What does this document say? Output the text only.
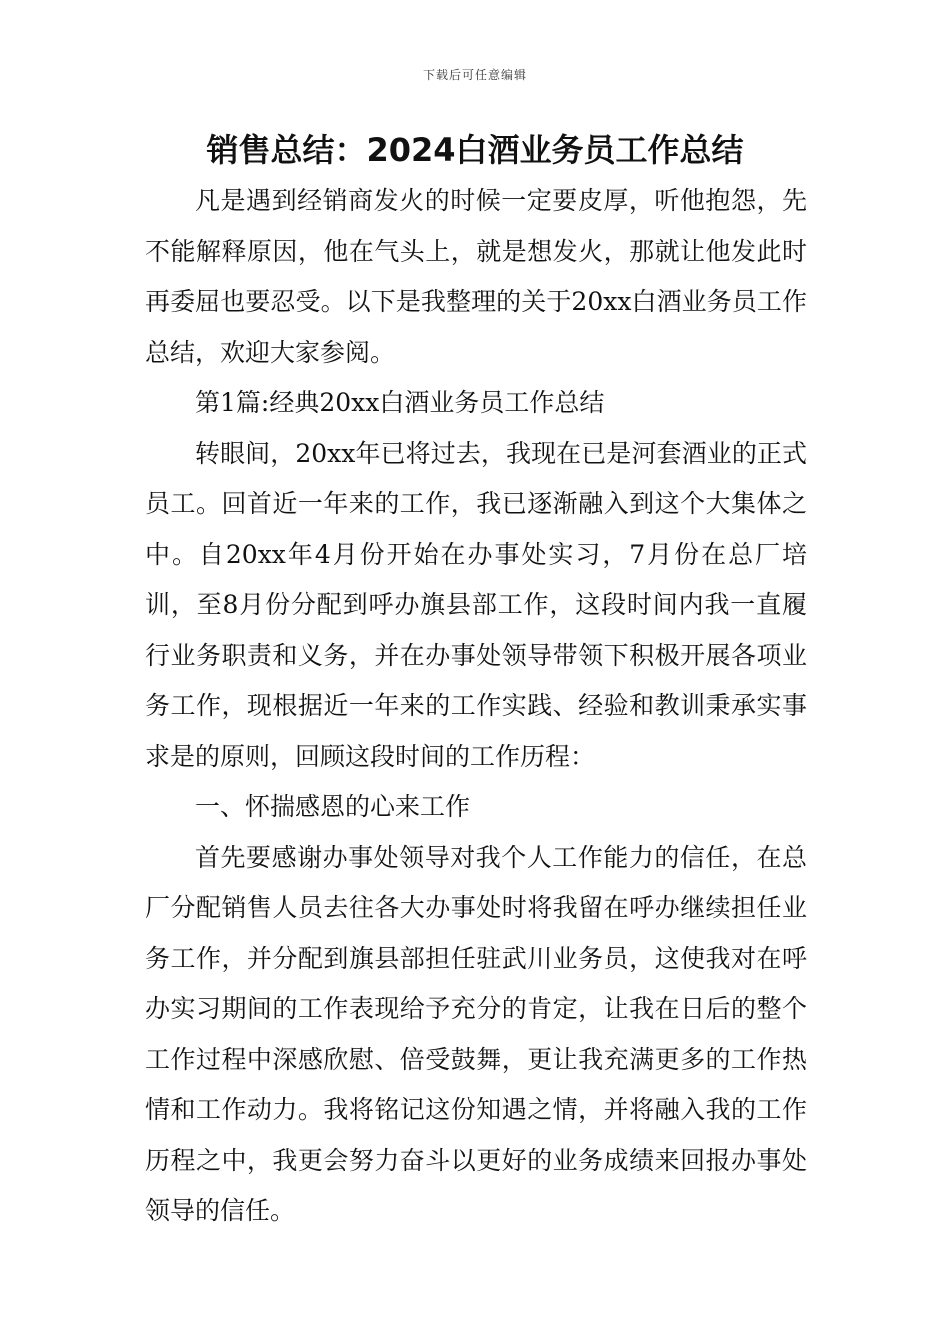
下载后可任意编辑
销售总结：2024白酒业务员工作总结

凡是遇到经销商发火的时候一定要皮厚，听他抱怨，先不能解释原因，他在气头上，就是想发火，那就让他发此时再委屈也要忍受。以下是我整理的关于20xx白酒业务员工作总结，欢迎大家参阅。

第1篇:经典20xx白酒业务员工作总结

转眼间，20xx年已将过去，我现在已是河套酒业的正式员工。回首近一年来的工作，我已逐渐融入到这个大集体之中。自20xx年4月份开始在办事处实习，7月份在总厂培训，至8月份分配到呼办旗县部工作，这段时间内我一直履行业务职责和义务，并在办事处领导带领下积极开展各项业务工作，现根据近一年来的工作实践、经验和教训秉承实事求是的原则，回顾这段时间的工作历程：

一、怀揣感恩的心来工作

首先要感谢办事处领导对我个人工作能力的信任，在总厂分配销售人员去往各大办事处时将我留在呼办继续担任业务工作，并分配到旗县部担任驻武川业务员，这使我对在呼办实习期间的工作表现给予充分的肯定，让我在日后的整个工作过程中深感欣慰、倍受鼓舞，更让我充满更多的工作热情和工作动力。我将铭记这份知遇之情，并将融入我的工作历程之中，我更会努力奋斗以更好的业务成绩来回报办事处领导的信任。
